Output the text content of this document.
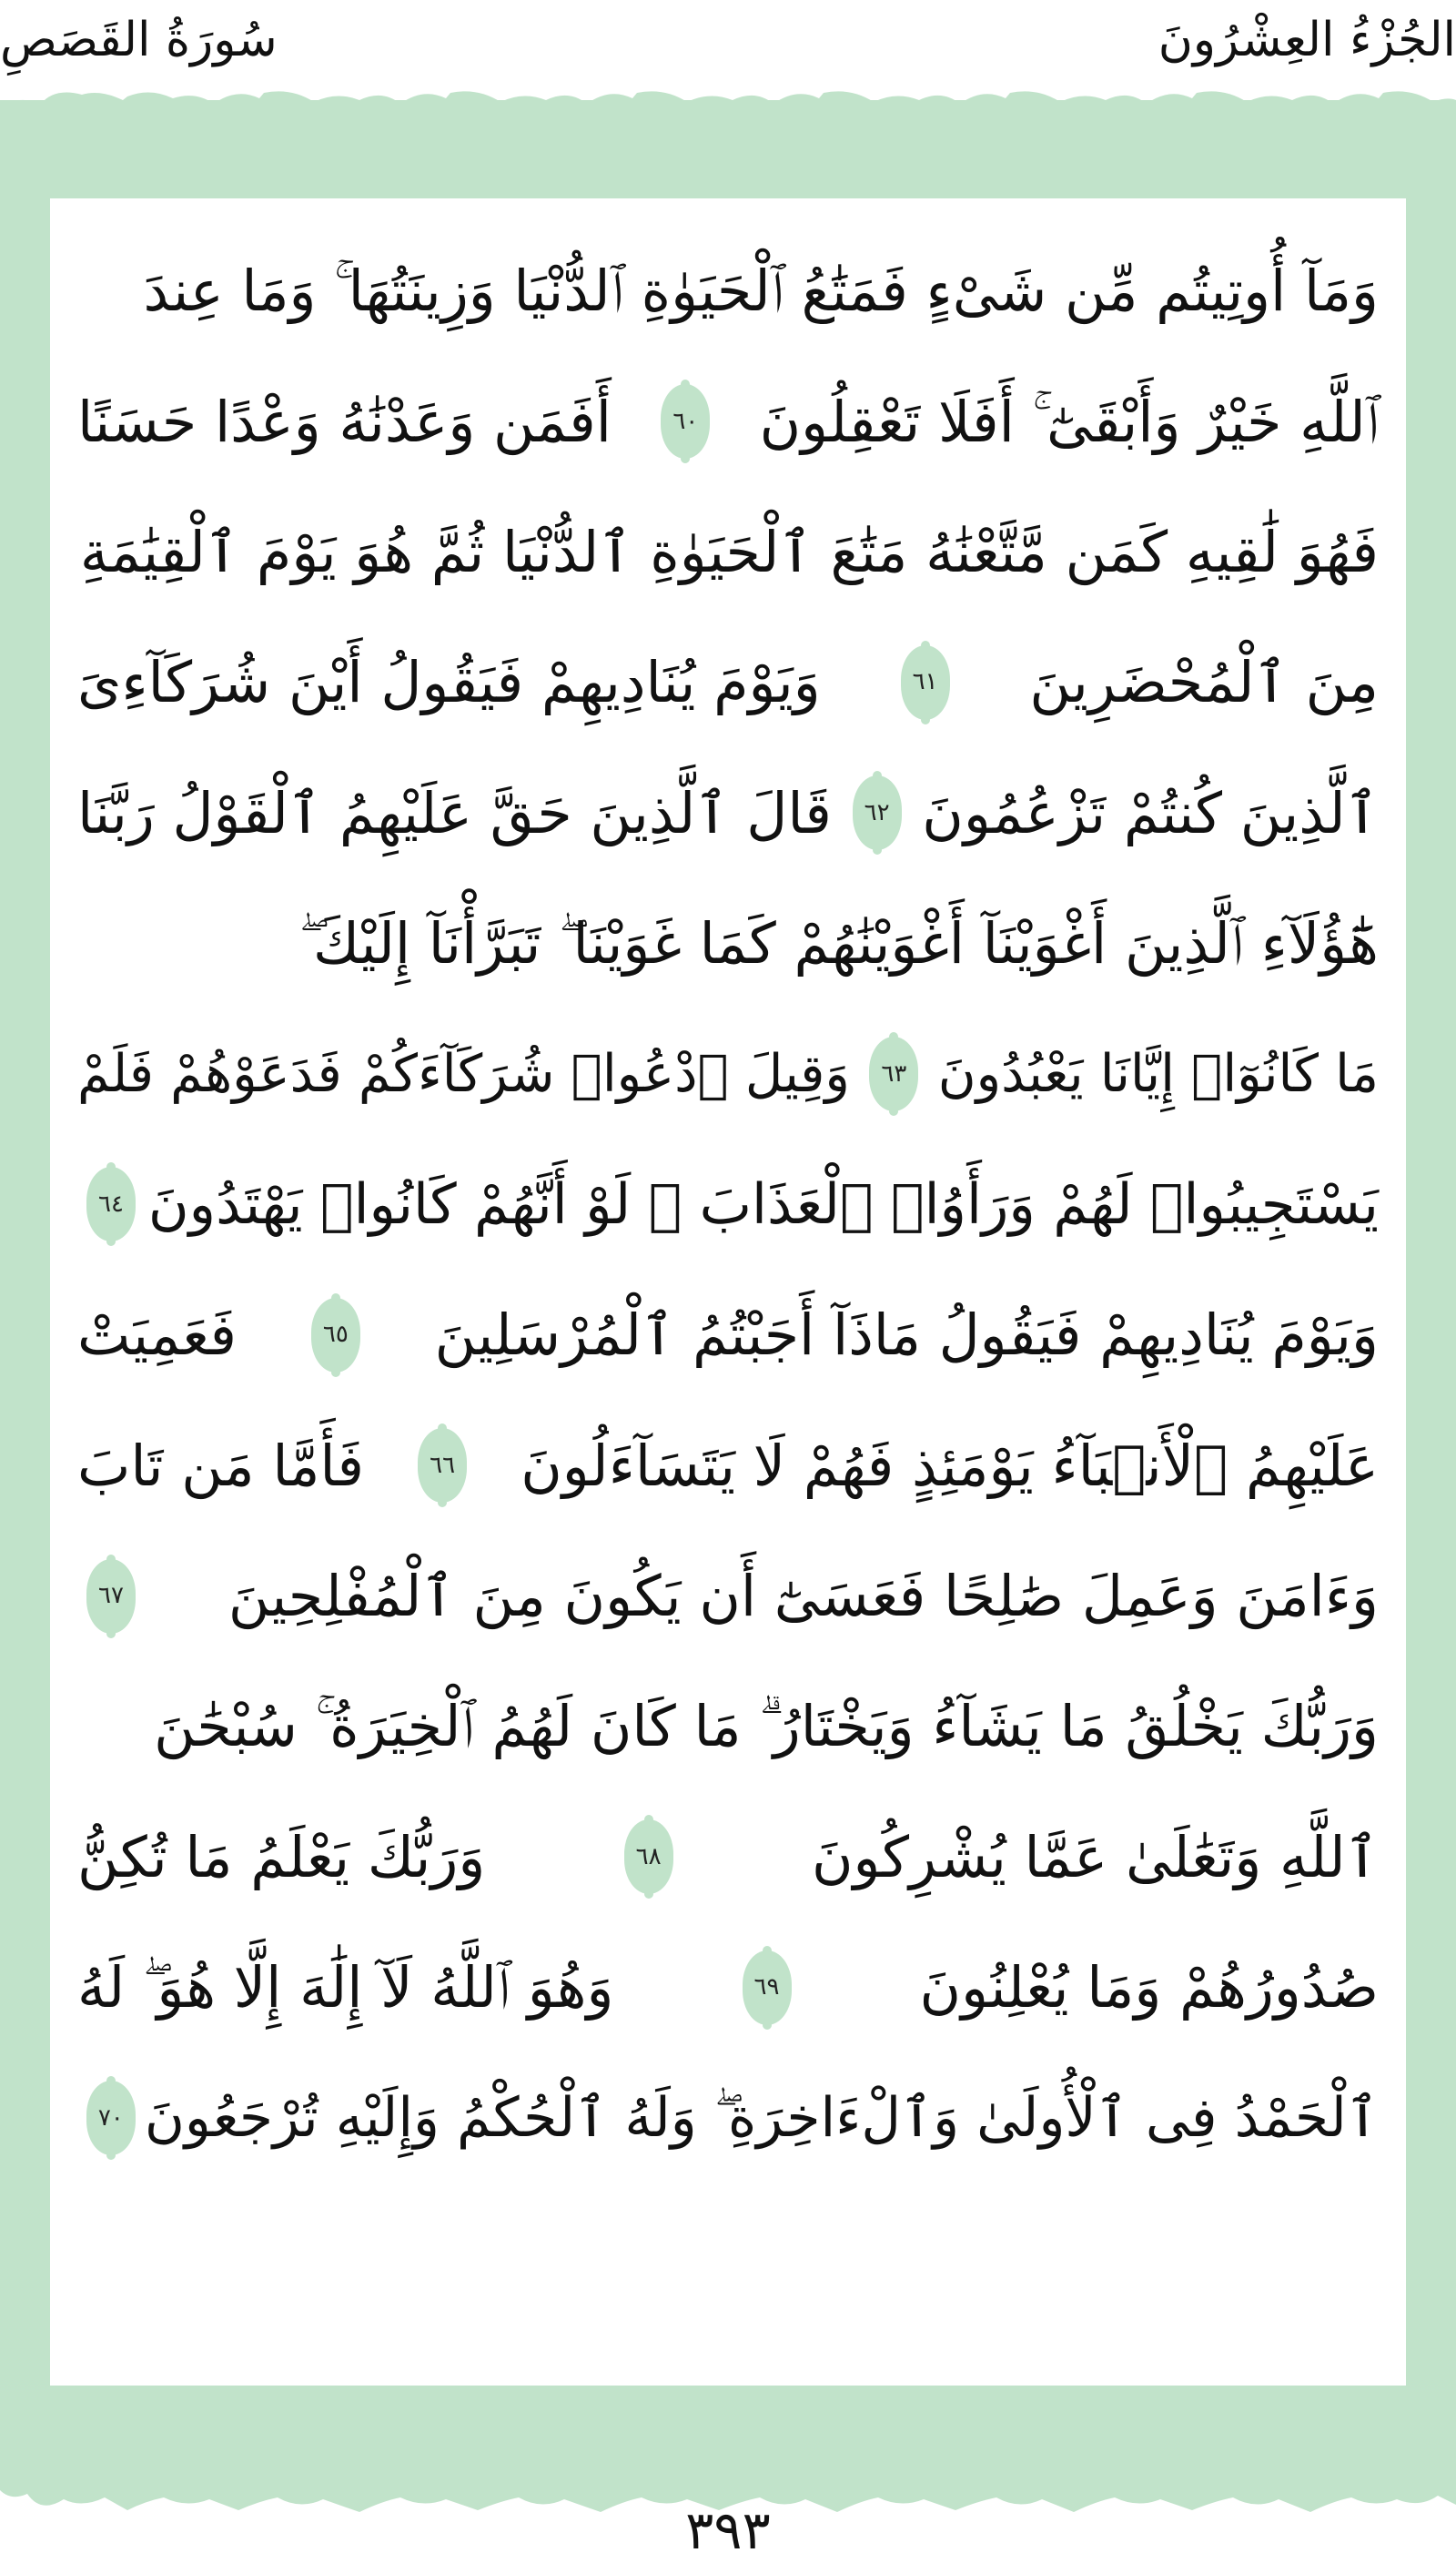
الجُزْءُ العِشْرُونَ
سُورَةُ القَصَصِ
وَمَآ أُوتِيتُم مِّن شَىْءٍ فَمَتَٰعُ ٱلْحَيَوٰةِ ٱلدُّنْيَا وَزِينَتُهَا ۚ وَمَا عِندَ
ٱللَّهِ خَيْرٌ وَأَبْقَىٰٓ ۚ أَفَلَا تَعْقِلُونَ
٦٠
أَفَمَن وَعَدْنَٰهُ وَعْدًا حَسَنًا
فَهُوَ لَٰقِيهِ كَمَن مَّتَّعْنَٰهُ مَتَٰعَ ٱلْحَيَوٰةِ ٱلدُّنْيَا ثُمَّ هُوَ يَوْمَ ٱلْقِيَٰمَةِ
مِنَ ٱلْمُحْضَرِينَ
٦١
وَيَوْمَ يُنَادِيهِمْ فَيَقُولُ أَيْنَ شُرَكَآءِىَ
ٱلَّذِينَ كُنتُمْ تَزْعُمُونَ
٦٢
قَالَ ٱلَّذِينَ حَقَّ عَلَيْهِمُ ٱلْقَوْلُ رَبَّنَا
هَٰٓؤُلَآءِ ٱلَّذِينَ أَغْوَيْنَآ أَغْوَيْنَٰهُمْ كَمَا غَوَيْنَا ۖ تَبَرَّأْنَآ إِلَيْكَ ۖ
مَا كَانُوٓا۟ إِيَّانَا يَعْبُدُونَ
٦٣
وَقِيلَ ٱدْعُوا۟ شُرَكَآءَكُمْ فَدَعَوْهُمْ فَلَمْ
يَسْتَجِيبُوا۟ لَهُمْ وَرَأَوُا۟ ٱلْعَذَابَ ۚ لَوْ أَنَّهُمْ كَانُوا۟ يَهْتَدُونَ
٦٤
وَيَوْمَ يُنَادِيهِمْ فَيَقُولُ مَاذَآ أَجَبْتُمُ ٱلْمُرْسَلِينَ
٦٥
فَعَمِيَتْ
عَلَيْهِمُ ٱلْأَنۢبَآءُ يَوْمَئِذٍ فَهُمْ لَا يَتَسَآءَلُونَ
٦٦
فَأَمَّا مَن تَابَ
وَءَامَنَ وَعَمِلَ صَٰلِحًا فَعَسَىٰٓ أَن يَكُونَ مِنَ ٱلْمُفْلِحِينَ
٦٧
وَرَبُّكَ يَخْلُقُ مَا يَشَآءُ وَيَخْتَارُ ۗ مَا كَانَ لَهُمُ ٱلْخِيَرَةُ ۚ سُبْحَٰنَ
ٱللَّهِ وَتَعَٰلَىٰ عَمَّا يُشْرِكُونَ
٦٨
وَرَبُّكَ يَعْلَمُ مَا تُكِنُّ
صُدُورُهُمْ وَمَا يُعْلِنُونَ
٦٩
وَهُوَ ٱللَّهُ لَآ إِلَٰهَ إِلَّا هُوَ ۖ لَهُ
ٱلْحَمْدُ فِى ٱلْأُولَىٰ وَٱلْءَاخِرَةِ ۖ وَلَهُ ٱلْحُكْمُ وَإِلَيْهِ تُرْجَعُونَ
٧٠
٣٩٣
